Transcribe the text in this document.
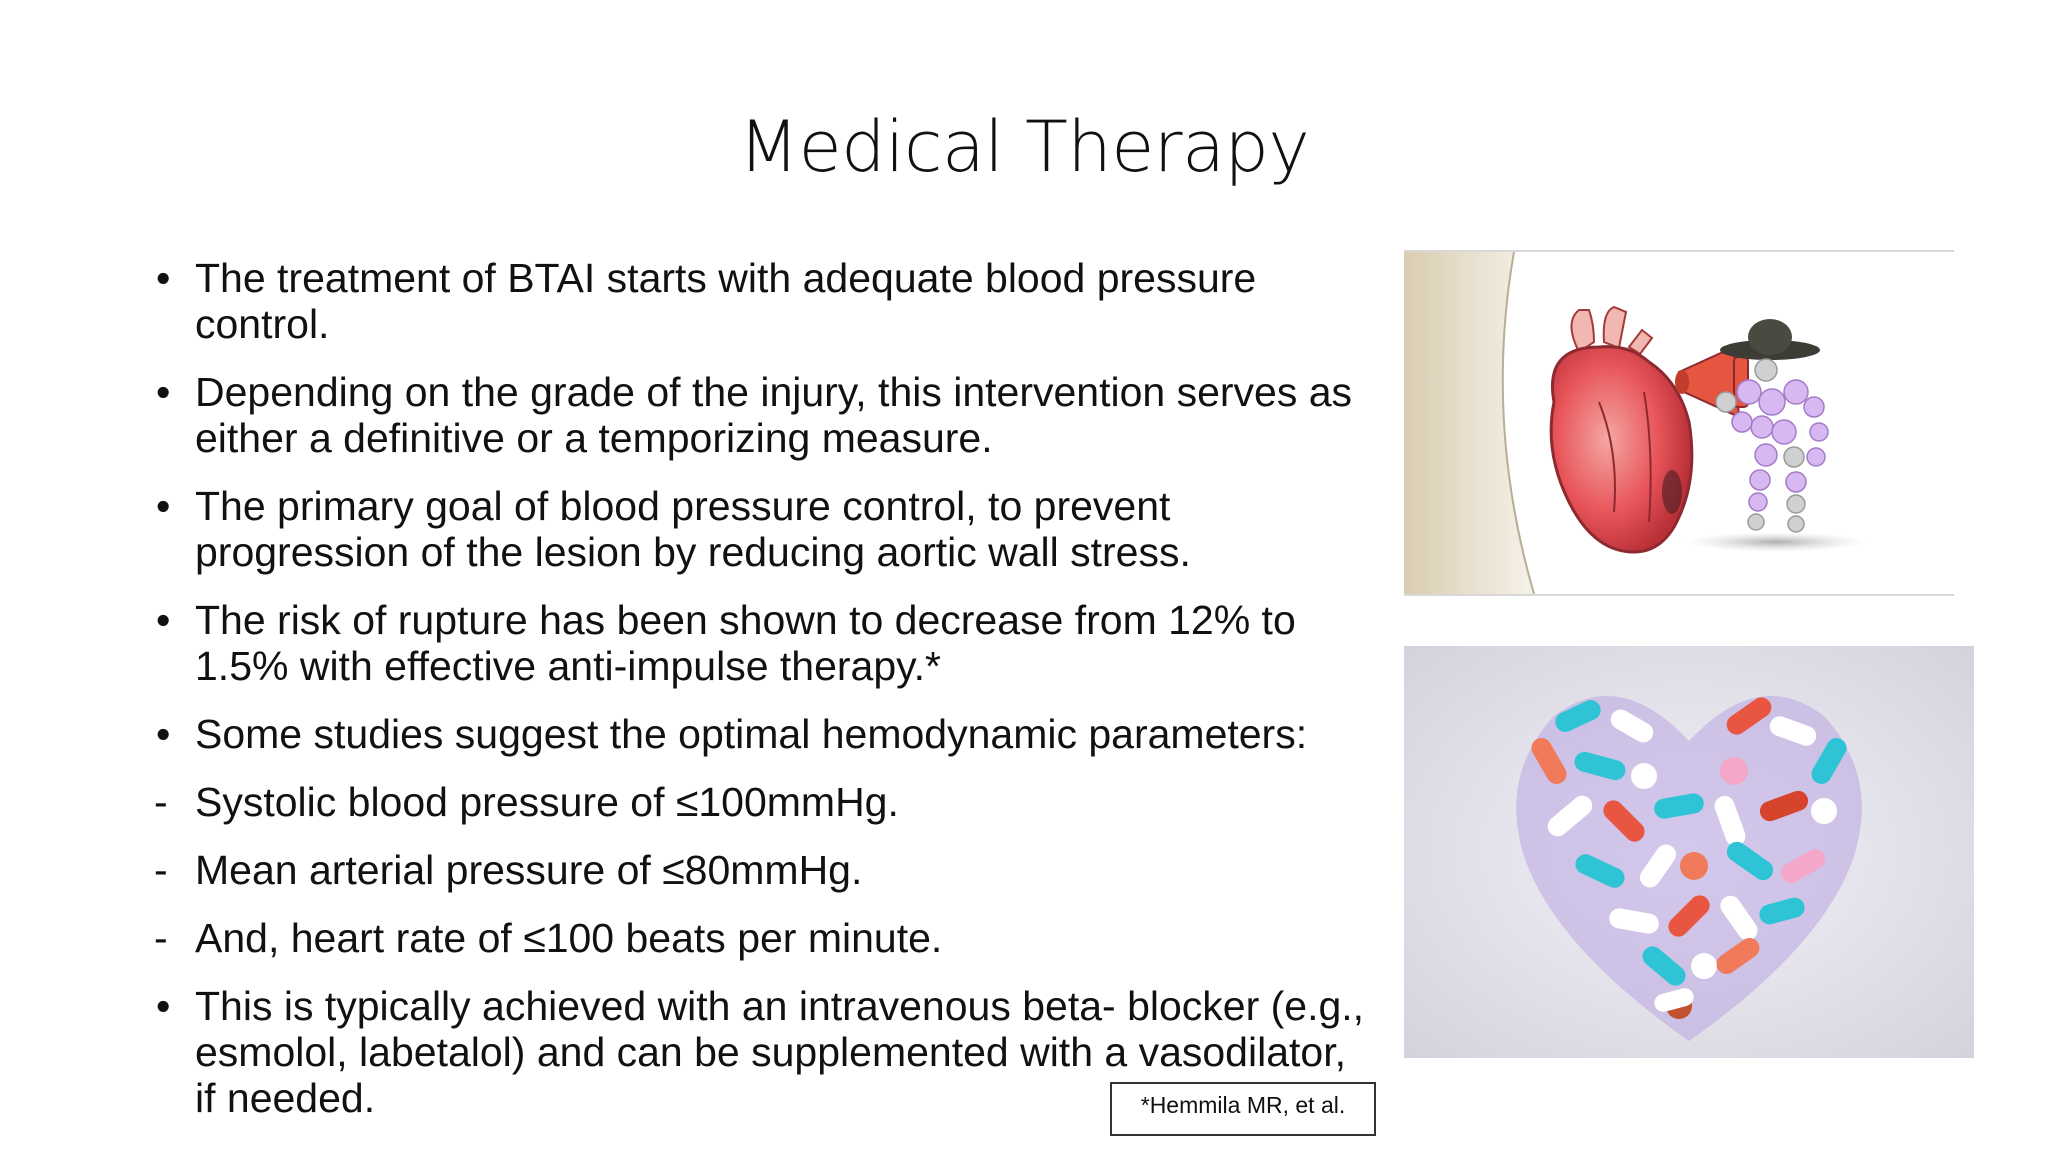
Medical Therapy
• The treatment of BTAI starts with adequate blood pressure control.
• Depending on the grade of the injury, this intervention serves as either a definitive or a temporizing measure.
• The primary goal of blood pressure control, to prevent progression of the lesion by reducing aortic wall stress.
• The risk of rupture has been shown to decrease from 12% to 1.5% with effective anti-impulse therapy.*
• Some studies suggest the optimal hemodynamic parameters:
- Systolic blood pressure of ≤100mmHg.
- Mean arterial pressure of ≤80mmHg.
- And, heart rate of ≤100 beats per minute.
• This is typically achieved with an intravenous beta- blocker (e.g., esmolol, labetalol) and can be supplemented with a vasodilator, if needed.	*Hemmila MR, et al.
